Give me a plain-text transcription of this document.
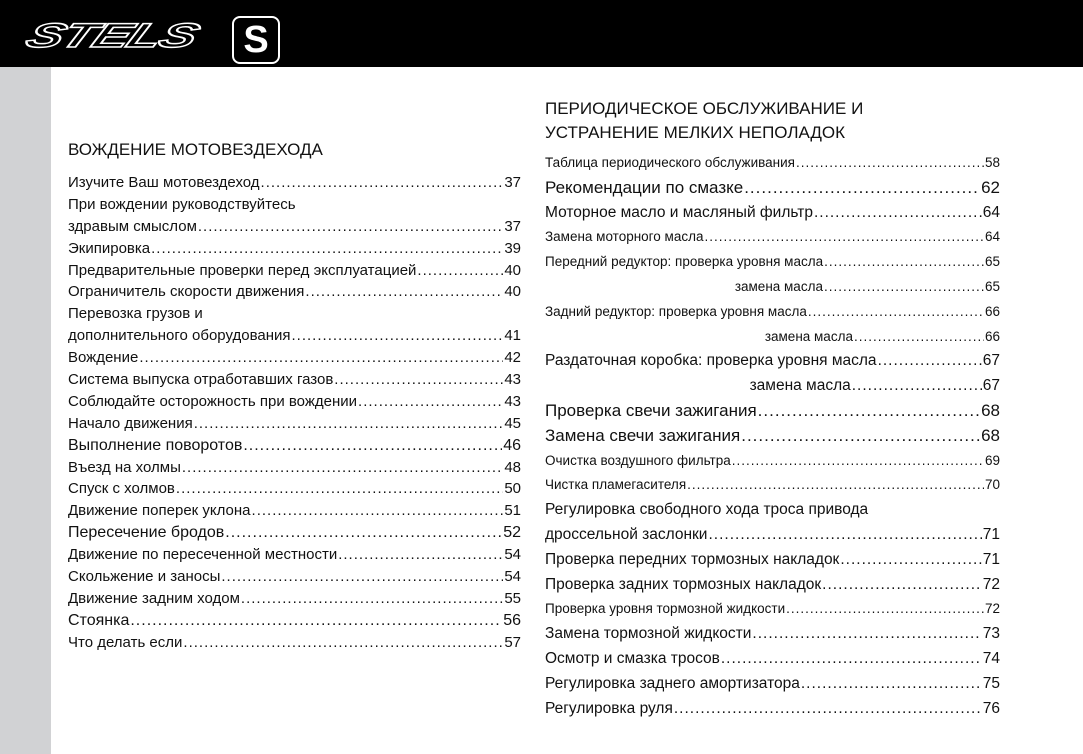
STELS	S
ВОЖДЕНИЕ МОТОВЕЗДЕХОДА
Изучите Ваш мотовездеход .....	37
При вождении руководствуйтесь
здравым смыслом .....	37
Экипировка .....	39
Предварительные проверки перед эксплуатацией .....	40
Ограничитель скорости движения .....	40
Перевозка грузов и
дополнительного оборудования .....	41
Вождение .....	42
Система выпуска отработавших газов .....	43
Соблюдайте осторожность при вождении .....	43
Начало движения .....	45
Выполнение поворотов .....	46
Въезд на холмы .....	48
Спуск с холмов .....	50
Движение поперек уклона .....	51
Пересечение бродов .....	52
Движение по пересеченной местности .....	54
Скольжение и заносы .....	54
Движение задним ходом .....	55
Стоянка .....	56
Что делать если .....	57
ПЕРИОДИЧЕСКОЕ ОБСЛУЖИВАНИЕ И
УСТРАНЕНИЕ МЕЛКИХ НЕПОЛАДОК
Таблица периодического обслуживания .....	58
Рекомендации по смазке .....	62
Моторное масло и масляный фильтр .....	64
Замена моторного масла .....	64
Передний редуктор: проверка уровня масла .....	65
замена масла .....	65
Задний редуктор: проверка уровня масла .....	66
замена масла .....	66
Раздаточная коробка: проверка уровня масла .....	67
замена масла .....	67
Проверка свечи зажигания .....	68
Замена свечи зажигания .....	68
Очистка воздушного фильтра .....	69
Чистка пламегасителя .....	70
Регулировка свободного хода троса привода
дроссельной заслонки .....	71
Проверка передних тормозных накладок .....	71
Проверка задних тормозных накладок .....	72
Проверка уровня тормозной жидкости .....	72
Замена тормозной жидкости .....	73
Осмотр и смазка тросов .....	74
Регулировка заднего амортизатора .....	75
Регулировка руля .....	76
